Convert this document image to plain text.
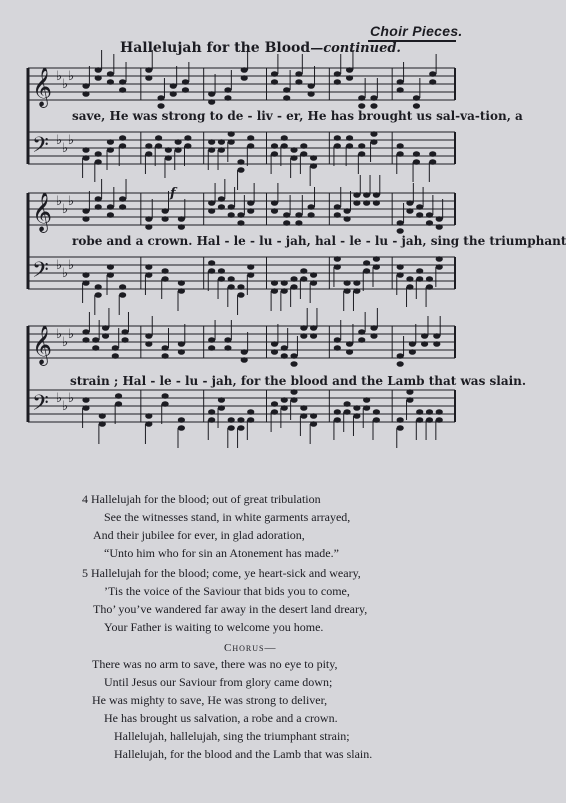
Choir Pieces.
Hallelujah for the Blood—continued.
𝄞 ♭
♭
♭
𝄢 ♭
♭
♭
𝄞 ♭
♭
♭
𝄢 ♭
♭
♭
𝄞 ♭
♭
♭
𝄢 ♭
♭
♭
save, He was strong to de - liv - er, He has brought us sal-va-tion, a
robe and a crown. Hal - le - lu - jah, hal - le - lu - jah, sing the triumphant
strain ; Hal - le - lu - jah, for the blood and the Lamb that was slain.
f
4 Hallelujah for the blood; out of great tribulation
See the witnesses stand, in white garments arrayed,
And their jubilee for ever, in glad adoration,
“Unto him who for sin an Atonement has made.”
5 Hallelujah for the blood; come, ye heart-sick and weary,
’Tis the voice of the Saviour that bids you to come,
Tho’ you’ve wandered far away in the desert land dreary,
Your Father is waiting to welcome you home.
Chorus—
There was no arm to save, there was no eye to pity,
Until Jesus our Saviour from glory came down;
He was mighty to save, He was strong to deliver,
He has brought us salvation, a robe and a crown.
Hallelujah, hallelujah, sing the triumphant strain;
Hallelujah, for the blood and the Lamb that was slain.
